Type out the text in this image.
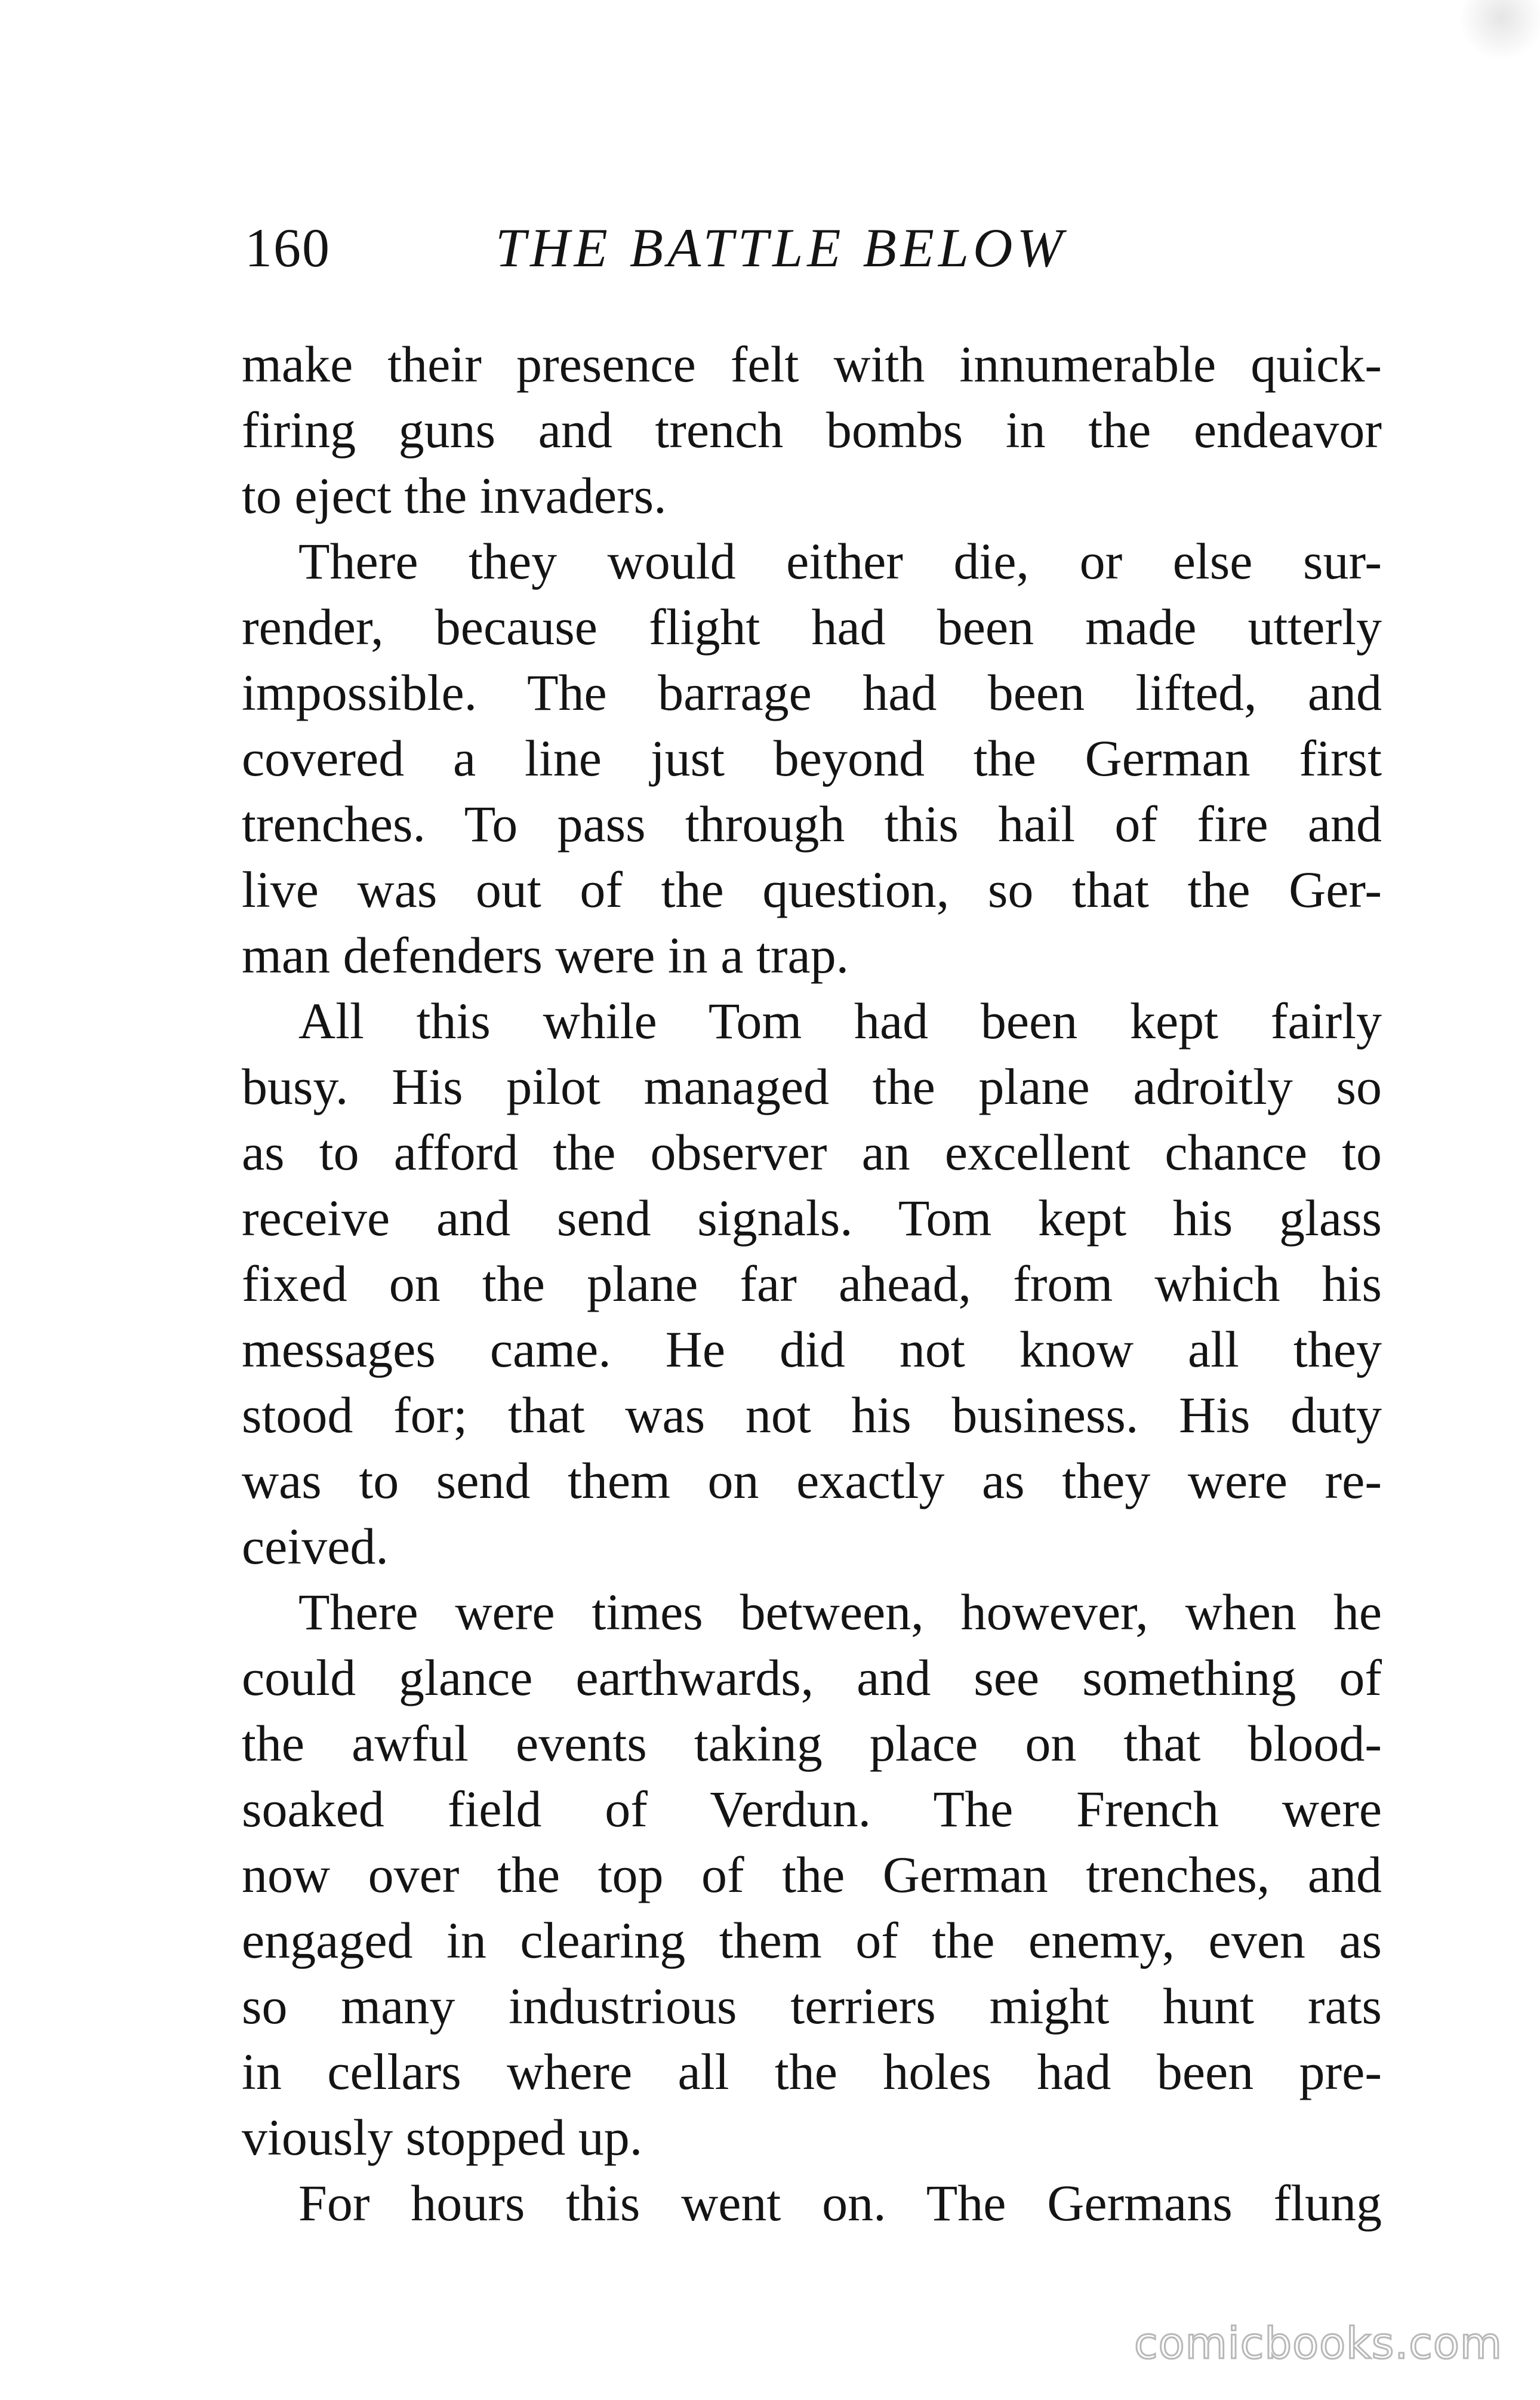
160	THE BATTLE BELOW
make their presence felt with innumerable quick-
firing guns and trench bombs in the endeavor
to eject the invaders.
There they would either die, or else sur-
render, because flight had been made utterly
impossible. The barrage had been lifted, and
covered a line just beyond the German first
trenches. To pass through this hail of fire and
live was out of the question, so that the Ger-
man defenders were in a trap.
All this while Tom had been kept fairly
busy. His pilot managed the plane adroitly so
as to afford the observer an excellent chance to
receive and send signals. Tom kept his glass
fixed on the plane far ahead, from which his
messages came. He did not know all they
stood for; that was not his business. His duty
was to send them on exactly as they were re-
ceived.
There were times between, however, when he
could glance earthwards, and see something of
the awful events taking place on that blood-
soaked field of Verdun. The French were
now over the top of the German trenches, and
engaged in clearing them of the enemy, even as
so many industrious terriers might hunt rats
in cellars where all the holes had been pre-
viously stopped up.
For hours this went on. The Germans flung
comicbooks.com
